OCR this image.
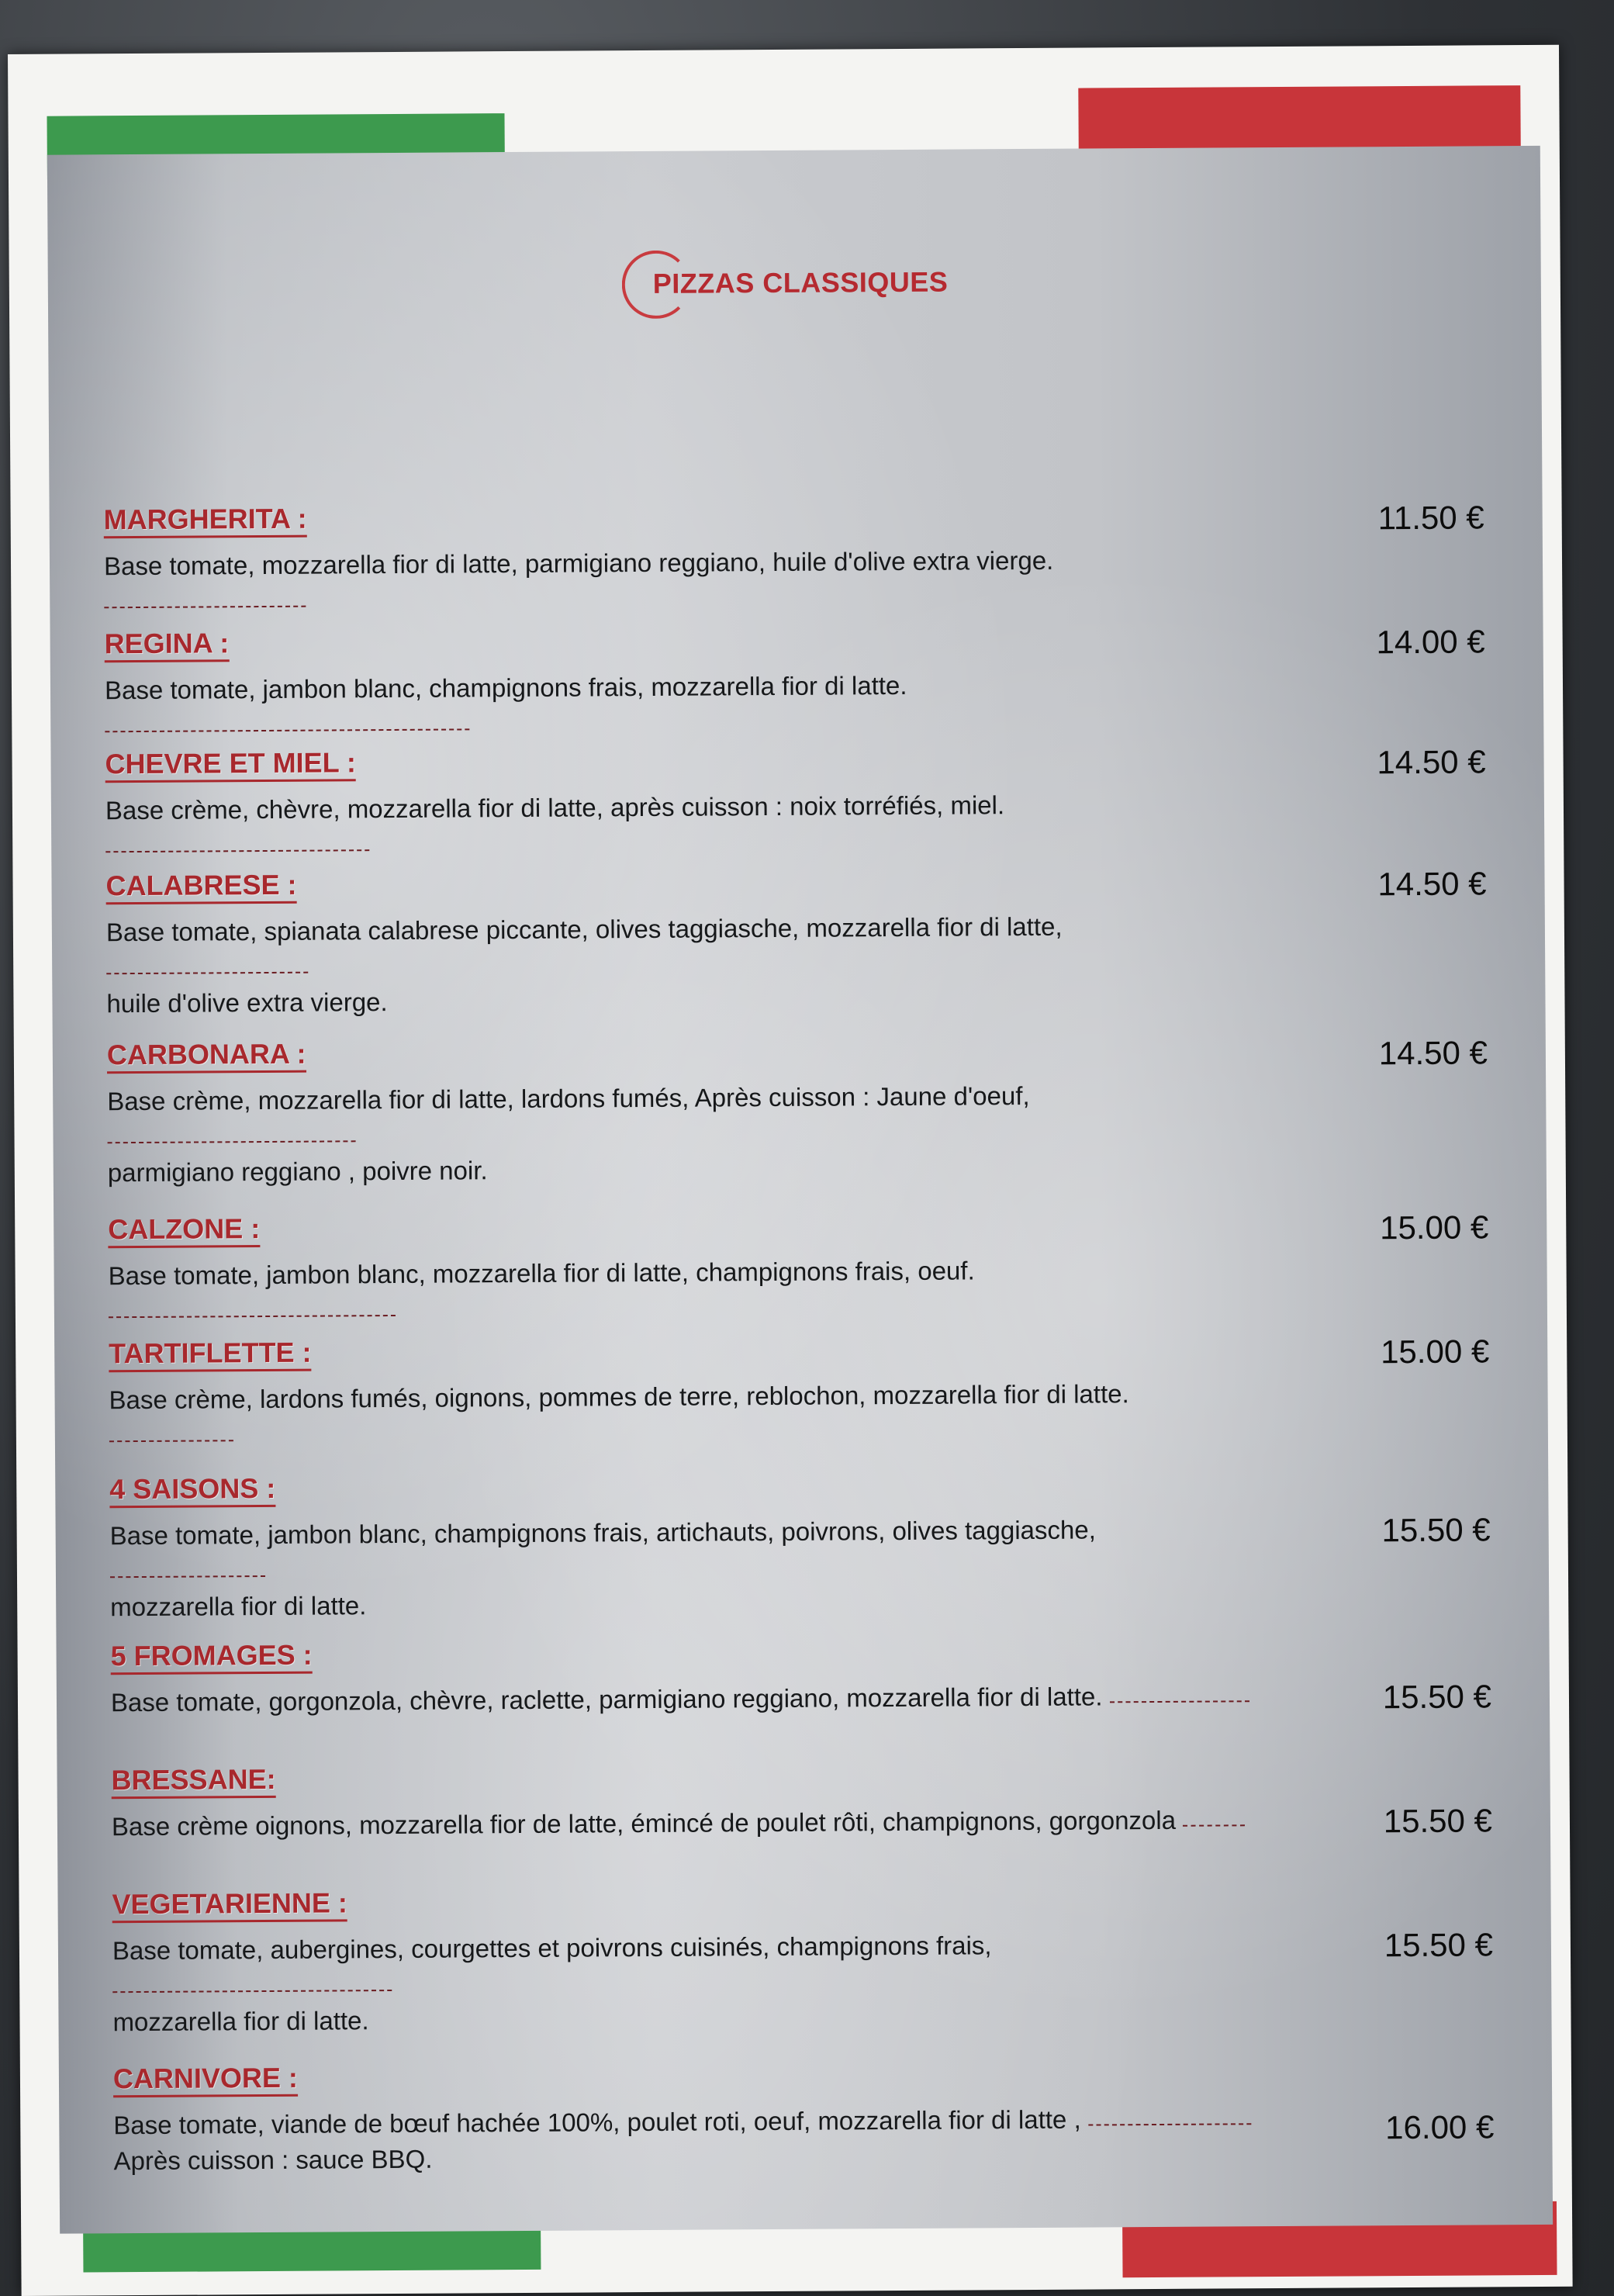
PIZZAS CLASSIQUES
MARGHERITA :
Base tomate, mozzarella fior di latte, parmigiano reggiano, huile d'olive extra vierge.
11.50 €
REGINA :
Base tomate, jambon blanc, champignons frais, mozzarella fior di latte.
14.00 €
CHEVRE ET MIEL :
Base crème, chèvre, mozzarella fior di latte, après cuisson : noix torréfiés, miel.
14.50 €
CALABRESE :
Base tomate, spianata calabrese piccante, olives taggiasche, mozzarella fior di latte,
huile d'olive extra vierge.
14.50 €
CARBONARA :
Base crème, mozzarella fior di latte, lardons fumés, Après cuisson : Jaune d'oeuf,
parmigiano reggiano , poivre noir.
14.50 €
CALZONE :
Base tomate, jambon blanc, mozzarella fior di latte, champignons frais, oeuf.
15.00 €
TARTIFLETTE :
Base crème, lardons fumés, oignons, pommes de terre, reblochon, mozzarella fior di latte.
15.00 €
4 SAISONS :
Base tomate, jambon blanc, champignons frais, artichauts, poivrons, olives taggiasche,
mozzarella fior di latte.
15.50 €
5 FROMAGES :
Base tomate, gorgonzola, chèvre, raclette, parmigiano reggiano, mozzarella fior di latte.	15.50 €
BRESSANE:
Base crème oignons, mozzarella fior de latte, émincé de poulet rôti, champignons, gorgonzola	15.50 €
VEGETARIENNE :
Base tomate, aubergines, courgettes et poivrons cuisinés, champignons frais,
mozzarella fior di latte.
15.50 €
CARNIVORE :
Base tomate, viande de bœuf hachée 100%, poulet roti, oeuf, mozzarella fior di latte ,
Après cuisson : sauce BBQ.
16.00 €
